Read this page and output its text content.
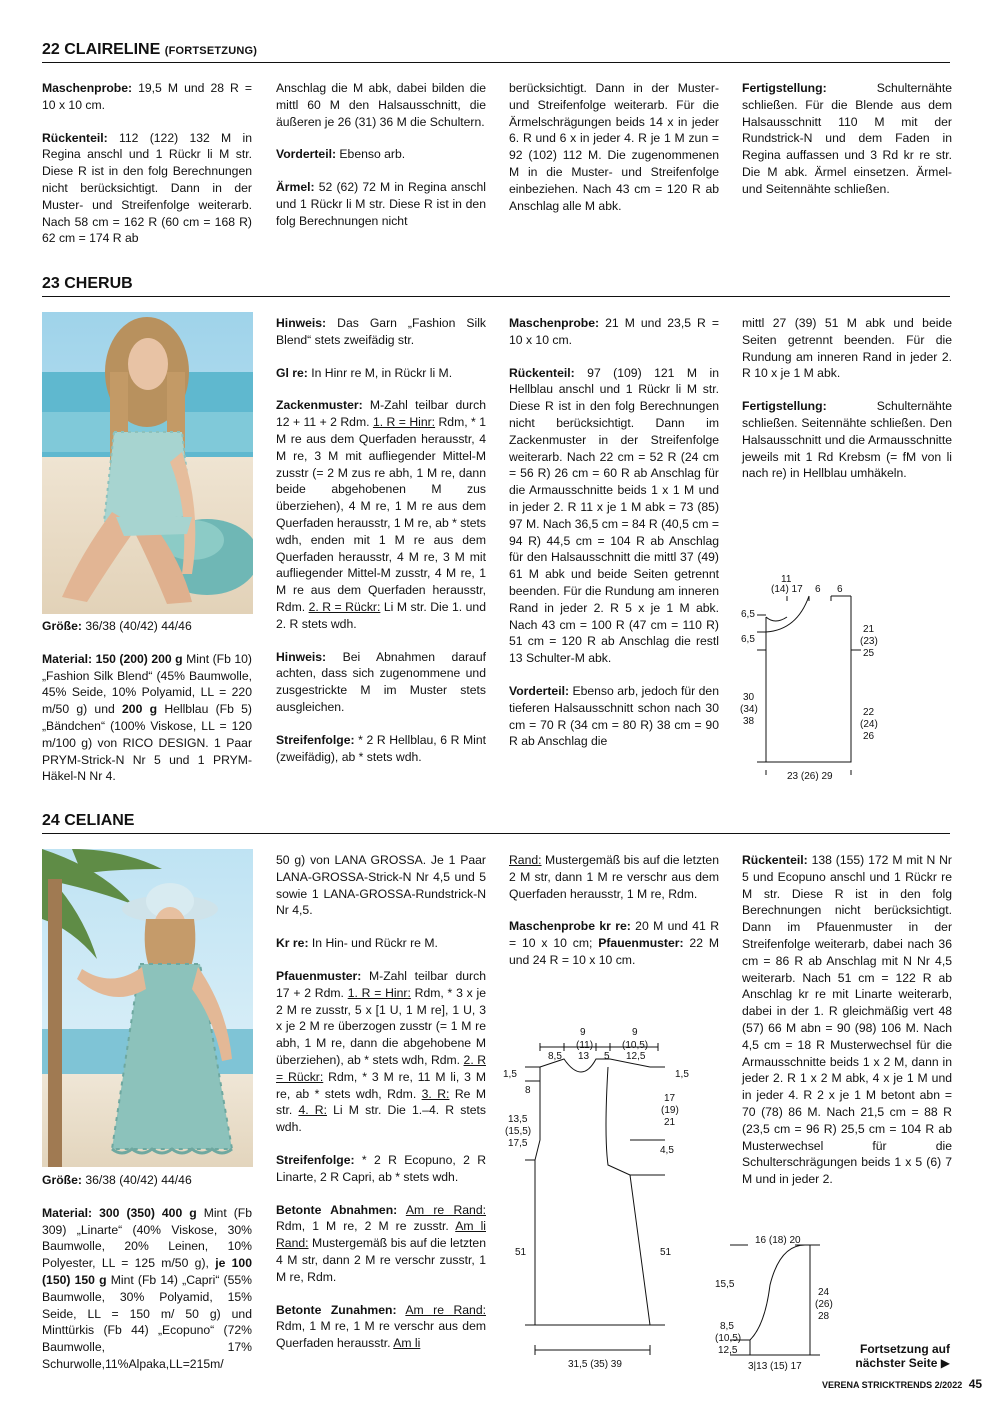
22 CLAIRELINE (FORTSETZUNG)

Maschenprobe: 19,5 M und 28 R = 10 x 10 cm.

Rückenteil: 112 (122) 132 M in Regina anschl und 1 Rückr li M str. Diese R ist in den folg Berechnungen nicht berücksichtigt. Dann in der Muster- und Streifenfolge weiterarb. Nach 58 cm = 162 R (60 cm = 168 R) 62 cm = 174 R ab

Anschlag die M abk, dabei bilden die mittl 60 M den Halsausschnitt, die äußeren je 26 (31) 36 M die Schultern.

Vorderteil: Ebenso arb.

Ärmel: 52 (62) 72 M in Regina anschl und 1 Rückr li M str. Diese R ist in den folg Berechnungen nicht

berücksichtigt. Dann in der Muster- und Streifenfolge weiterarb. Für die Ärmelschrägungen beids 14 x in jeder 6. R und 6 x in jeder 4. R je 1 M zun = 92 (102) 112 M. Die zugenommenen M in die Muster- und Streifenfolge einbeziehen. Nach 43 cm = 120 R ab Anschlag alle M abk.

Fertigstellung: Schulternähte schließen. Für die Blende aus dem Halsausschnitt 110 M mit der Rundstrick-N und dem Faden in Regina auffassen und 3 Rd kr re str. Die M abk. Ärmel einsetzen. Ärmel- und Seitennähte schließen.

23 CHERUB

Größe: 36/38 (40/42) 44/46

Material: 150 (200) 200 g Mint (Fb 10) „Fashion Silk Blend“ (45% Baumwolle, 45% Seide, 10% Polyamid, LL = 220 m/50 g) und 200 g Hellblau (Fb 5) „Bändchen“ (100% Viskose, LL = 120 m/100 g) von RICO DESIGN. 1 Paar PRYM-Strick-N Nr 5 und 1 PRYM-Häkel-N Nr 4.

Hinweis: Das Garn „Fashion Silk Blend“ stets zweifädig str.

Gl re: In Hinr re M, in Rückr li M.

Zackenmuster: M-Zahl teilbar durch 12 + 11 + 2 Rdm. 1. R = Hinr: Rdm, * 1 M re aus dem Querfaden herausstr, 4 M re, 3 M mit aufliegender Mittel-M zusstr (= 2 M zus re abh, 1 M re, dann beide abgehobenen M zus überziehen), 4 M re, 1 M re aus dem Querfaden herausstr, 1 M re, ab * stets wdh, enden mit 1 M re aus dem Querfaden herausstr, 4 M re, 3 M mit aufliegender Mittel-M zusstr, 4 M re, 1 M re aus dem Querfaden herausstr, Rdm. 2. R = Rückr: Li M str. Die 1. und 2. R stets wdh.

Hinweis: Bei Abnahmen darauf achten, dass sich zugenommene und zusgestrickte M im Muster stets ausgleichen.

Streifenfolge: * 2 R Hellblau, 6 R Mint (zweifädig), ab * stets wdh.

Maschenprobe: 21 M und 23,5 R = 10 x 10 cm.

Rückenteil: 97 (109) 121 M in Hellblau anschl und 1 Rückr li M str. Diese R ist in den folg Berechnungen nicht berücksichtigt. Dann im Zackenmuster in der Streifenfolge weiterarb. Nach 22 cm = 52 R (24 cm = 56 R) 26 cm = 60 R ab Anschlag für die Armausschnitte beids 1 x 1 M und in jeder 2. R 11 x je 1 M abk = 73 (85) 97 M. Nach 36,5 cm = 84 R (40,5 cm = 94 R) 44,5 cm = 104 R ab Anschlag für den Halsausschnitt die mittl 37 (49) 61 M abk und beide Seiten getrennt beenden. Für die Rundung am inneren Rand in jeder 2. R 5 x je 1 M abk. Nach 43 cm = 100 R (47 cm = 110 R) 51 cm = 120 R ab Anschlag die restl 13 Schulter-M abk.

Vorderteil: Ebenso arb, jedoch für den tieferen Halsausschnitt schon nach 30 cm = 70 R (34 cm = 80 R) 38 cm = 90 R ab Anschlag die

mittl 27 (39) 51 M abk und beide Seiten getrennt beenden. Für die Rundung am inneren Rand in jeder 2. R 10 x je 1 M abk.

Fertigstellung: Schulternähte schließen. Seitennähte schließen. Den Halsausschnitt und die Armausschnitte jeweils mit 1 Rd Krebsm (= fM von li nach re) in Hellblau umhäkeln.

11
(14) 17 6 6
6,5
6,5
30
(34)
38
21
(23)
25
22
(24)
26
23 (26) 29
24 CELIANE

Größe: 36/38 (40/42) 44/46

Material: 300 (350) 400 g Mint (Fb 309) „Linarte“ (40% Viskose, 30% Baumwolle, 20% Leinen, 10% Polyester, LL = 125 m/50 g), je 100 (150) 150 g Mint (Fb 14) „Capri“ (55% Baumwolle, 30% Polyamid, 15% Seide, LL = 150 m/ 50 g) und Minttürkis (Fb 44) „Ecopuno“ (72% Baumwolle, 17% Schurwolle,11%Alpaka,LL=215m/

50 g) von LANA GROSSA. Je 1 Paar LANA-GROSSA-Strick-N Nr 4,5 und 5 sowie 1 LANA-GROSSA-Rundstrick-N Nr 4,5.

Kr re: In Hin- und Rückr re M.

Pfauenmuster: M-Zahl teilbar durch 17 + 2 Rdm. 1. R = Hinr: Rdm, * 3 x je 2 M re zusstr, 5 x [1 U, 1 M re], 1 U, 3 x je 2 M re überzogen zusstr (= 1 M re abh, 1 M re, dann die abgehobene M überziehen), ab * stets wdh, Rdm. 2. R = Rückr: Rdm, * 3 M re, 11 M li, 3 M re, ab * stets wdh, Rdm. 3. R: Re M str. 4. R: Li M str. Die 1.–4. R stets wdh.

Streifenfolge: * 2 R Ecopuno, 2 R Linarte, 2 R Capri, ab * stets wdh.

Betonte Abnahmen: Am re Rand: Rdm, 1 M re, 2 M re zusstr. Am li Rand: Mustergemäß bis auf die letzten 4 M str, dann 2 M re verschr zusstr, 1 M re, Rdm.

Betonte Zunahmen: Am re Rand: Rdm, 1 M re, 1 M re verschr aus dem Querfaden herausstr. Am li

Rand: Mustergemäß bis auf die letzten 2 M str, dann 1 M re verschr aus dem Querfaden herausstr, 1 M re, Rdm.

Maschenprobe kr re: 20 M und 41 R = 10 x 10 cm; Pfauenmuster: 22 M und 24 R = 10 x 10 cm.

Rückenteil: 138 (155) 172 M mit N Nr 5 und Ecopuno anschl und 1 Rückr re M str. Diese R ist in den folg Berechnungen nicht berücksichtigt. Dann im Pfauenmuster in der Streifenfolge weiterarb, dabei nach 36 cm = 86 R ab Anschlag mit N Nr 4,5 weiterarb. Nach 51 cm = 122 R ab Anschlag kr re mit Linarte weiterarb, dabei in der 1. R gleichmäßig vert 48 (57) 66 M abn = 90 (98) 106 M. Nach 4,5 cm = 18 R Musterwechsel für die Armausschnitte beids 1 x 2 M, dann in jeder 2. R 1 x 2 M abk, 4 x je 1 M und in jeder 4. R 2 x je 1 M betont abn = 70 (78) 86 M. Nach 21,5 cm = 88 R (23,5 cm = 96 R) 25,5 cm = 104 R ab Musterwechsel für die Schulterschrägungen beids 1 x 5 (6) 7 M und in jeder 2.

9
(11)
9
(10,5)
8,5 13 5 12,5
1,5
8
13,5
(15,5)
17,5
1,5
17
(19)
21
4,5
51	51
31,5 (35) 39
16 (18) 20
15,5
8,5
(10,5)
12,5
24
(26)
28
3|13 (15) 17
Fortsetzung auf
nächster Seite ▶
VERENA STRICKTRENDS 2/2022 45
